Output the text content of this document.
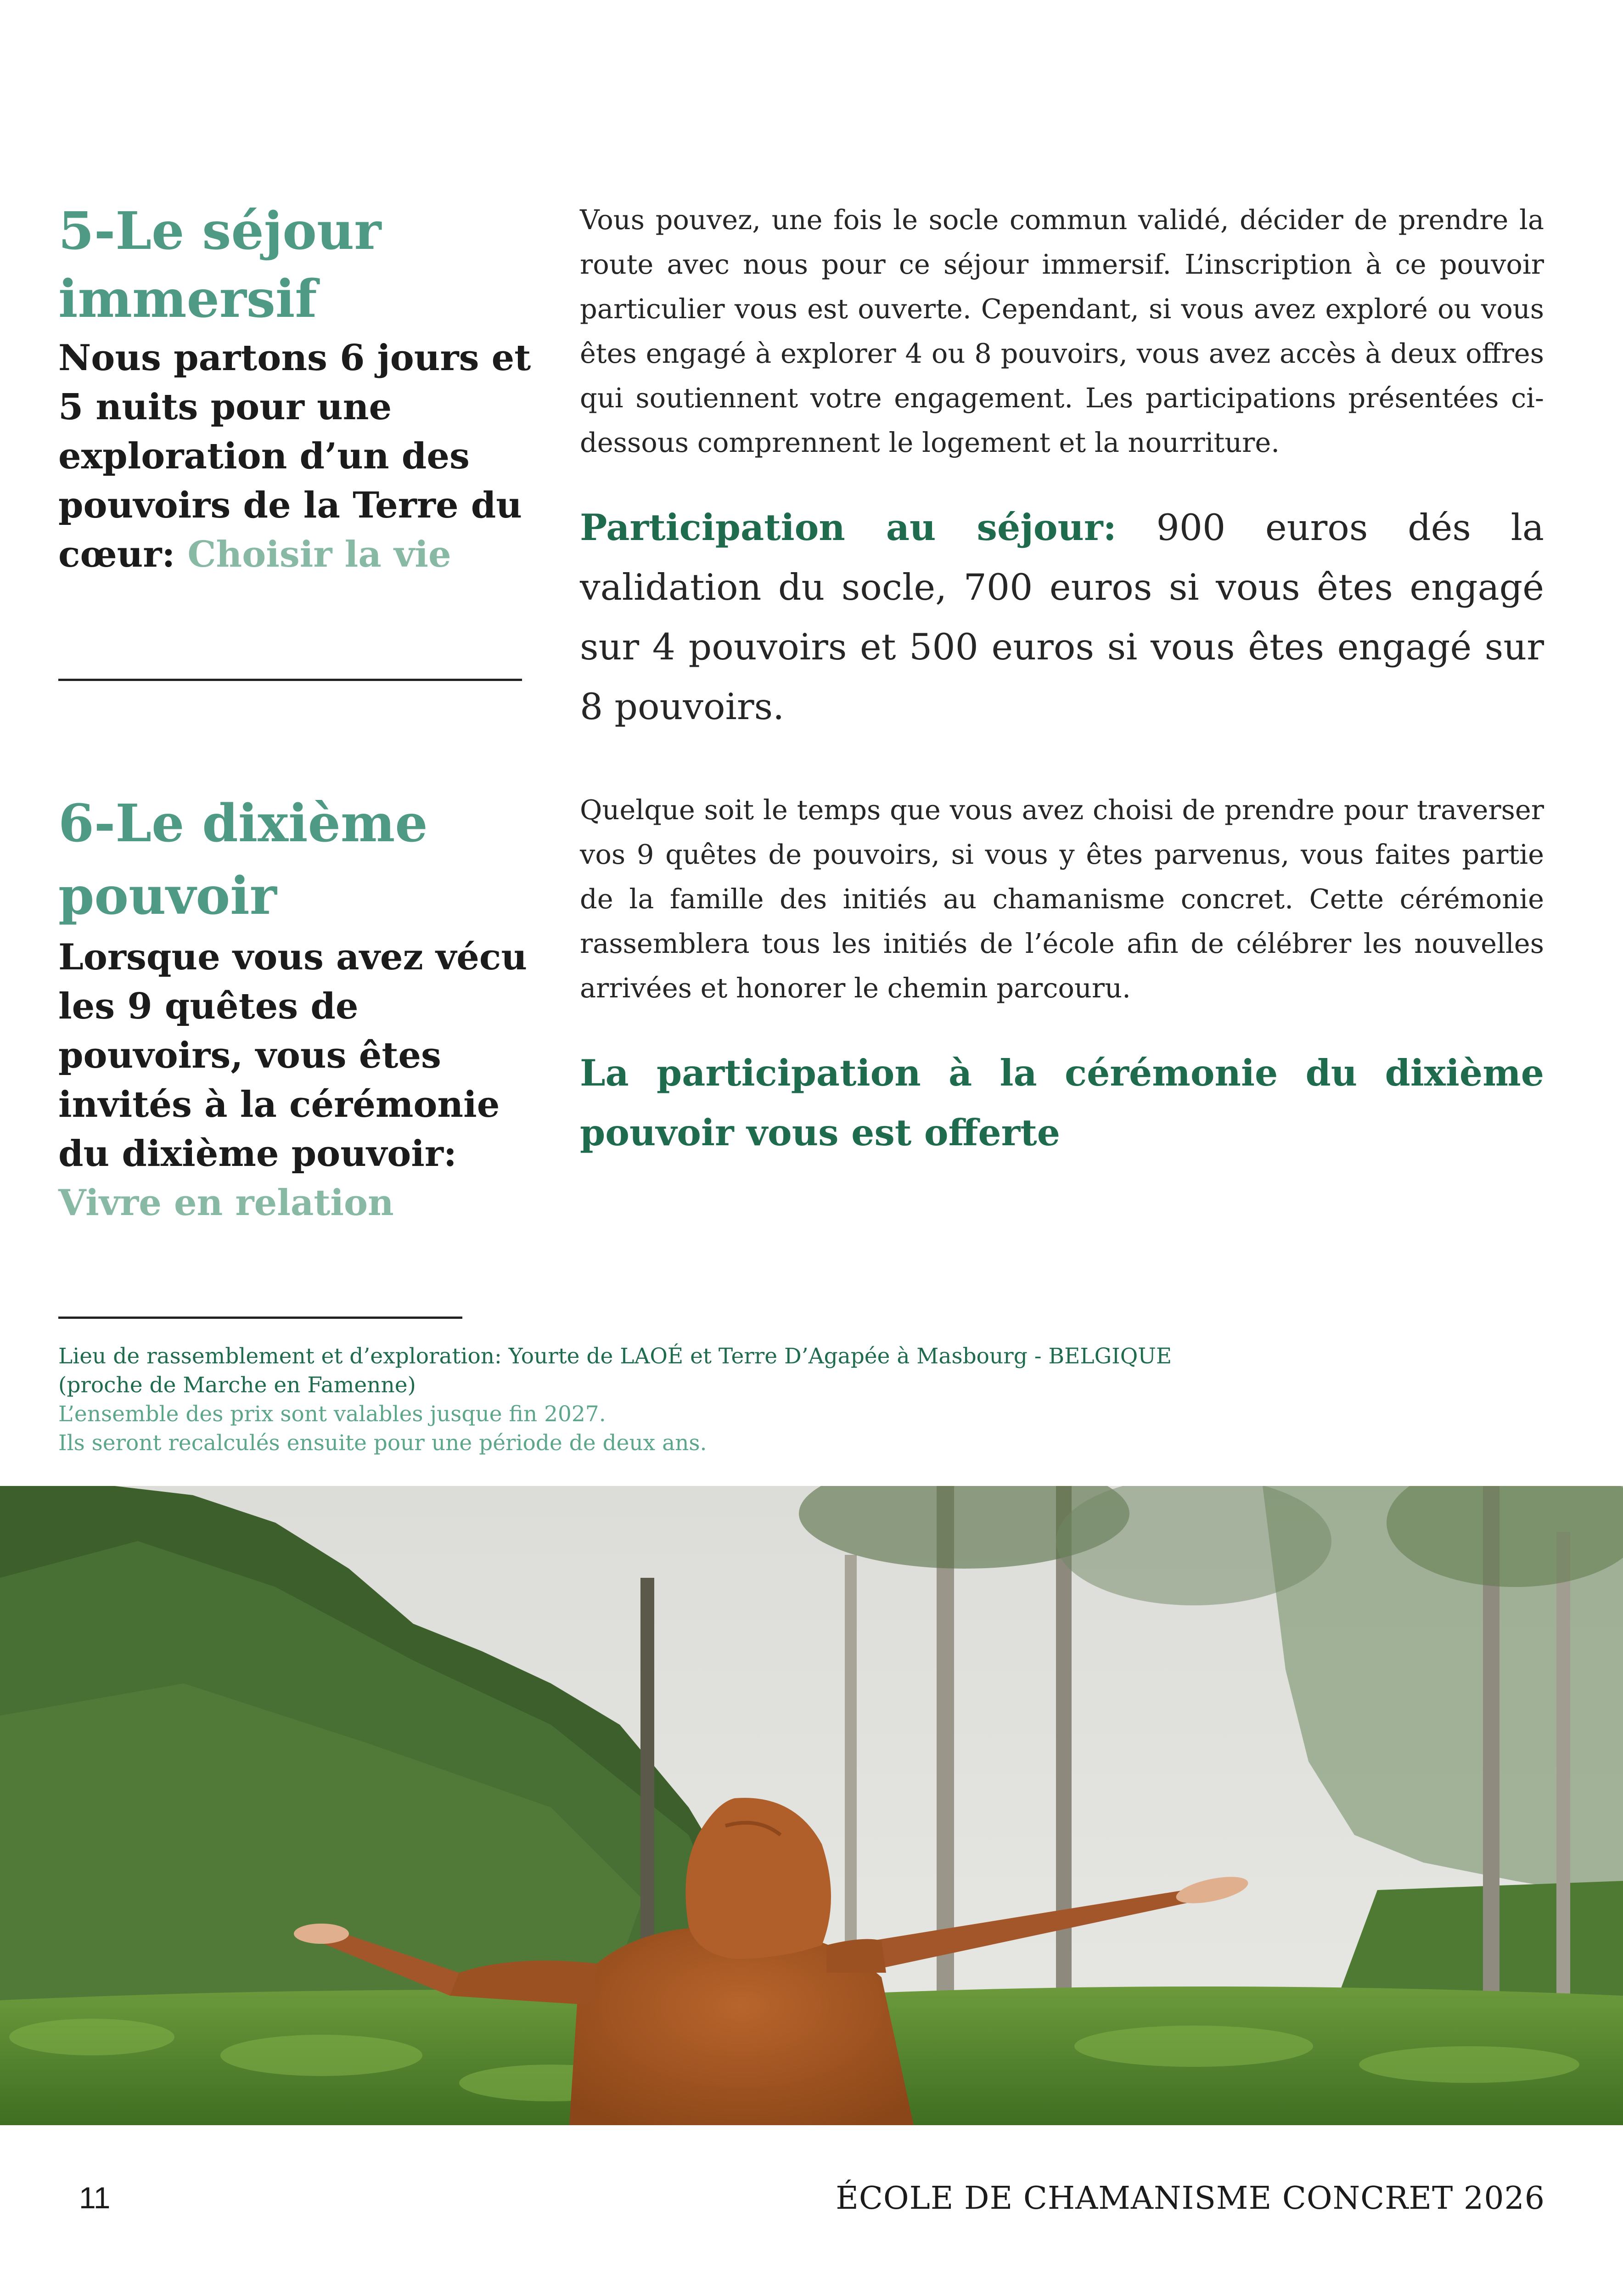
5-Le séjour immersif

Nous partons 6 jours et 5 nuits pour une exploration d’un des pouvoirs de la Terre du cœur: Choisir la vie

Vous pouvez, une fois le socle commun validé, décider de prendre la route avec nous pour ce séjour immersif. L’inscription à ce pouvoir particulier vous est ouverte. Cependant, si vous avez exploré ou vous êtes engagé à explorer 4 ou 8 pouvoirs, vous avez accès à deux offres qui soutiennent votre engagement. Les participations présentées ci-dessous comprennent le logement et la nourriture.

Participation au séjour: 900 euros dés la validation du socle, 700 euros si vous êtes engagé sur 4 pouvoirs et 500 euros si vous êtes engagé sur 8 pouvoirs.

6-Le dixième pouvoir

Lorsque vous avez vécu les 9 quêtes de pouvoirs, vous êtes invités à la cérémonie du dixième pouvoir: Vivre en relation

Quelque soit le temps que vous avez choisi de prendre pour traverser vos 9 quêtes de pouvoirs, si vous y êtes parvenus, vous faites partie de la famille des initiés au chamanisme concret. Cette cérémonie rassemblera tous les initiés de l’école afin de célébrer les nouvelles arrivées et honorer le chemin parcouru.

La participation à la cérémonie du dixième pouvoir vous est offerte

Lieu de rassemblement et d’exploration: Yourte de LAOÉ et Terre D’Agapée à Masbourg - BELGIQUE
(proche de Marche en Famenne)
L’ensemble des prix sont valables jusque fin 2027.
Ils seront recalculés ensuite pour une période de deux ans.
11	ÉCOLE DE CHAMANISME CONCRET 2026
